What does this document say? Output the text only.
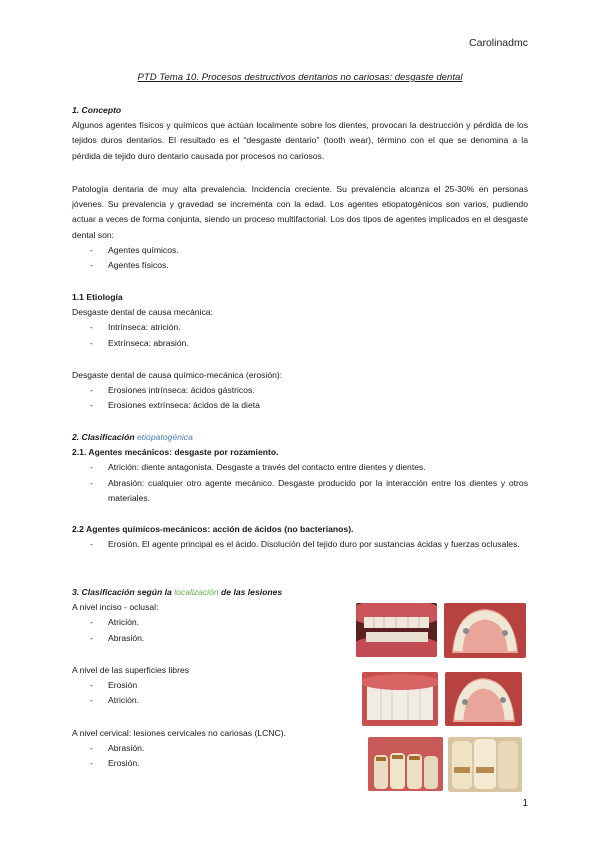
Carolinadmc
PTD Tema 10. Procesos destructivos dentarios no cariosas: desgaste dental
1. Concepto
Algunos agentes físicos y químicos que actúan localmente sobre los dientes, provocan la destrucción y pérdida de los tejidos duros dentarios. El resultado es el “desgaste dentario” (tooth wear), término con el que se denomina a la pérdida de tejido duro dentario causada por procesos no cariosos.
Patología dentaria de muy alta prevalencia. Incidencia creciente. Su prevalencia alcanza el 25-30% en personas jóvenes. Su prevalencia y gravedad se incrementa con la edad. Los agentes etiopatogénicos son varios, pudiendo actuar a veces de forma conjunta, siendo un proceso multifactorial. Los dos tipos de agentes implicados en el desgaste dental son:
- Agentes químicos.
- Agentes físicos.
1.1 Etiología
Desgaste dental de causa mecánica:
- Intrínseca: atrición.
- Extrínseca: abrasión.
Desgaste dental de causa químico-mecánica (erosión):
- Erosiones intrínseca: ácidos gástricos.
- Erosiones extrínseca: ácidos de la dieta
2. Clasificación etiopatogénica
2.1. Agentes mecánicos: desgaste por rozamiento.
- Atrición: diente antagonista. Desgaste a través del contacto entre dientes y dientes.
- Abrasión: cualquier otro agente mecánico. Desgaste producido por la interacción entre los dientes y otros materiales.
2.2 Agentes químicos-mecánicos: acción de ácidos (no bacterianos).
- Erosión. El agente principal es el ácido. Disolución del tejido duro por sustancias ácidas y fuerzas oclusales.
3. Clasificación según la localización de las lesiones
A nivel inciso - oclusal:
- Atrición.
- Abrasión.
A nivel de las superficies libres
- Erosión
- Atrición.
A nivel cervical: lesiones cervicales no cariosas (LCNC).
- Abrasión.
- Erosión.
1
